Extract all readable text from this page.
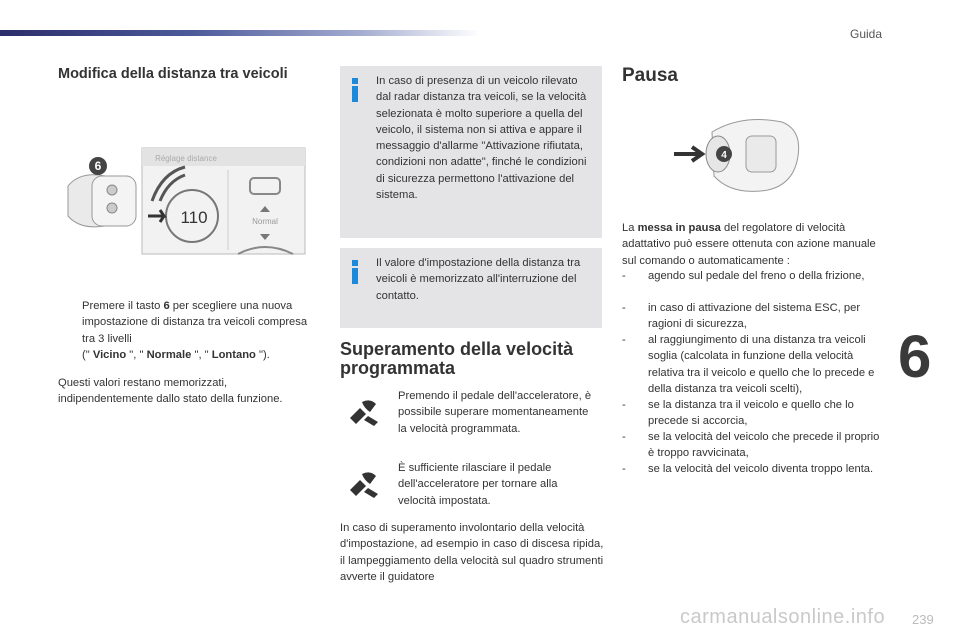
Guida
Modifica della distanza tra veicoli
Réglage distance
110	Normal
6
Premere il tasto 6 per scegliere una nuova impostazione di distanza tra veicoli compresa tra 3 livelli
(" Vicino ", " Normale ", " Lontano ").
Questi valori restano memorizzati, indipendentemente dallo stato della funzione.
In caso di presenza di un veicolo rilevato dal radar distanza tra veicoli, se la velocità selezionata è molto superiore a quella del veicolo, il sistema non si attiva e appare il messaggio d'allarme "Attivazione rifiutata, condizioni non adatte", finché le condizioni di sicurezza permettono l'attivazione del sistema.
Il valore d'impostazione della distanza tra veicoli è memorizzato all'interruzione del contatto.
Superamento della velocità programmata
Premendo il pedale dell'acceleratore, è possibile superare momentaneamente la velocità programmata.
È sufficiente rilasciare il pedale dell'acceleratore per tornare alla velocità impostata.
In caso di superamento involontario della velocità d'impostazione, ad esempio in caso di discesa ripida, il lampeggiamento della velocità sul quadro strumenti avverte il guidatore
Pausa
4
La messa in pausa del regolatore di velocità adattativo può essere ottenuta con azione manuale sul comando o automaticamente :
- agendo sul pedale del freno o della frizione,
- in caso di attivazione del sistema ESC, per ragioni di sicurezza,
- al raggiungimento di una distanza tra veicoli soglia (calcolata in funzione della velocità relativa tra il veicolo e quello che lo precede e della distanza tra veicoli scelti),
- se la distanza tra il veicolo e quello che lo precede si accorcia,
- se la velocità del veicolo che precede il proprio è troppo ravvicinata,
- se la velocità del veicolo diventa troppo lenta.
6
carmanualsonline.info 239
